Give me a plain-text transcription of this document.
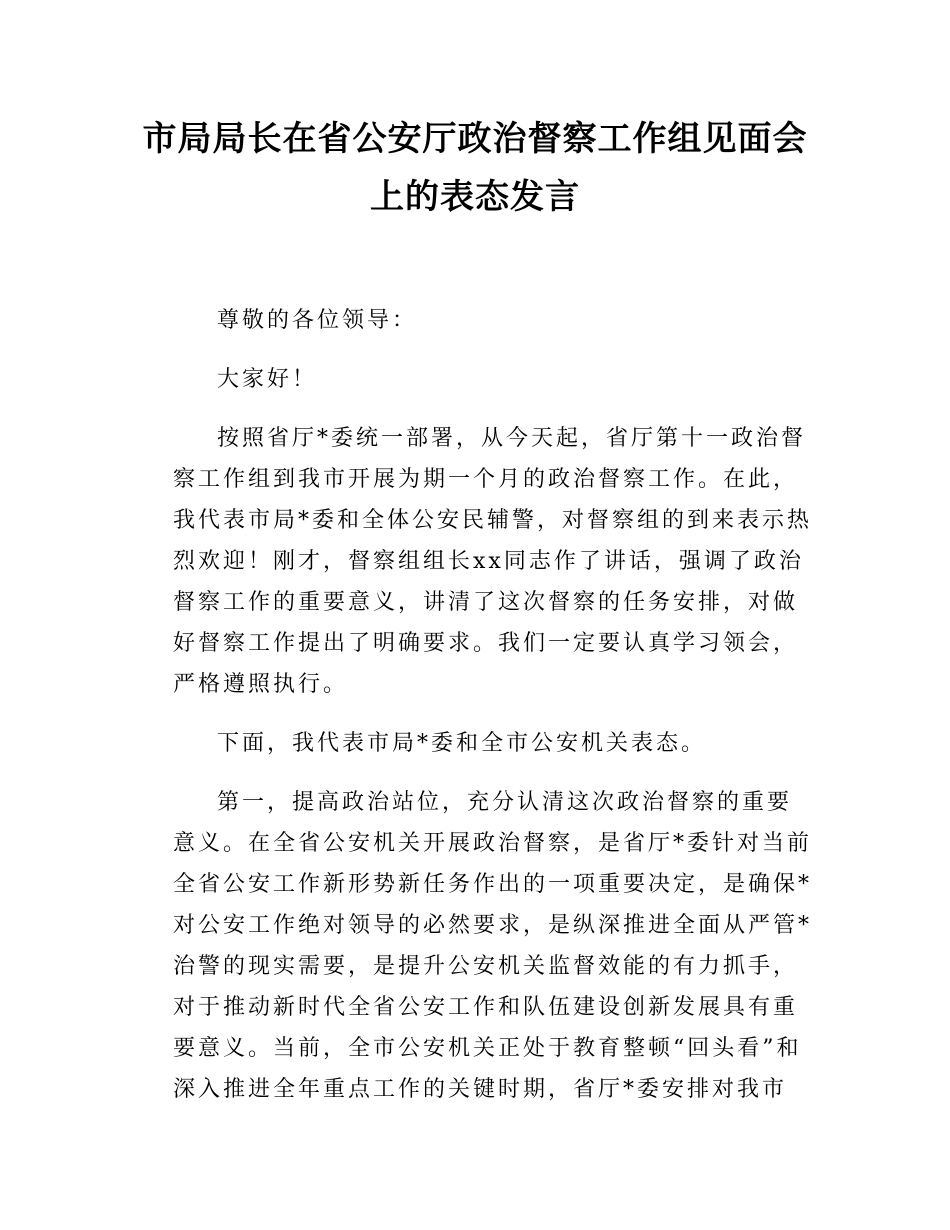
市局局长在省公安厅政治督察工作组见面会
上的表态发言

尊敬的各位领导：

大家好！

按照省厅*委统一部署，从今天起，省厅第十一政治督察工作组到我市开展为期一个月的政治督察工作。在此，我代表市局*委和全体公安民辅警，对督察组的到来表示热烈欢迎！刚才，督察组组长xx同志作了讲话，强调了政治督察工作的重要意义，讲清了这次督察的任务安排，对做好督察工作提出了明确要求。我们一定要认真学习领会，严格遵照执行。

下面，我代表市局*委和全市公安机关表态。

第一，提高政治站位，充分认清这次政治督察的重要意义。在全省公安机关开展政治督察，是省厅*委针对当前全省公安工作新形势新任务作出的一项重要决定，是确保*对公安工作绝对领导的必然要求，是纵深推进全面从严管*治警的现实需要，是提升公安机关监督效能的有力抓手，对于推动新时代全省公安工作和队伍建设创新发展具有重要意义。当前，全市公安机关正处于教育整顿“回头看”和深入推进全年重点工作的关键时期，省厅*委安排对我市
